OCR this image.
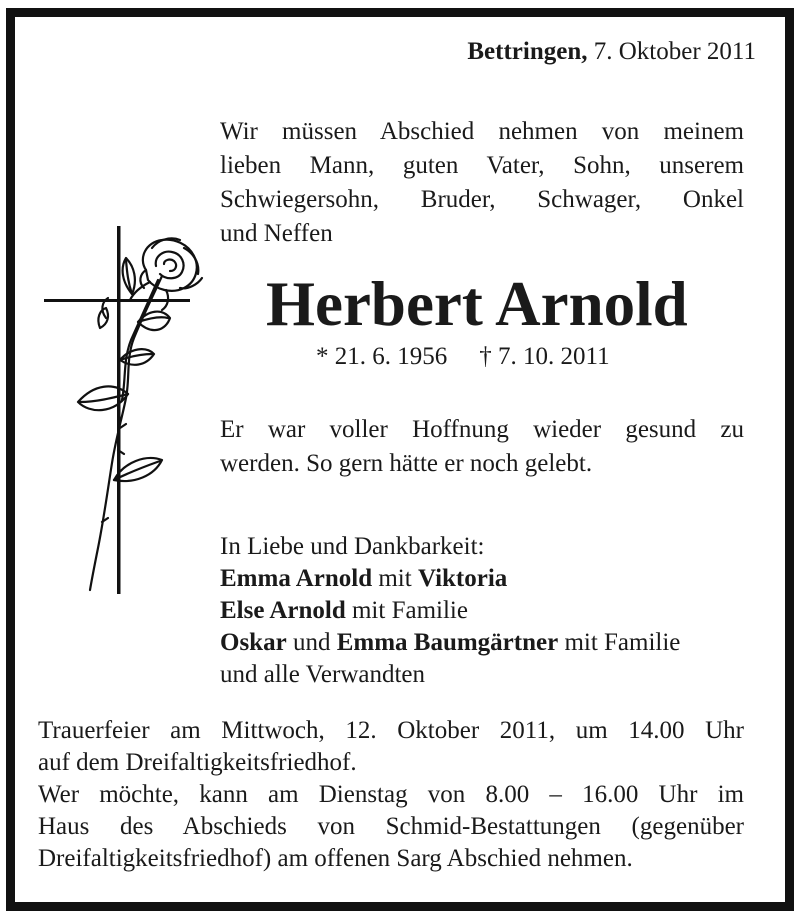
Bettringen, 7. Oktober 2011
Wir müssen Abschied nehmen von meinem
lieben Mann, guten Vater, Sohn, unserem
Schwiegersohn, Bruder, Schwager, Onkel
und Neffen
Herbert Arnold
* 21. 6. 1956 † 7. 10. 2011
Er war voller Hoffnung wieder gesund zu
werden. So gern hätte er noch gelebt.
In Liebe und Dankbarkeit:
Emma Arnold mit Viktoria
Else Arnold mit Familie
Oskar und Emma Baumgärtner mit Familie
und alle Verwandten
Trauerfeier am Mittwoch, 12. Oktober 2011, um 14.00 Uhr
auf dem Dreifaltigkeitsfriedhof.
Wer möchte, kann am Dienstag von 8.00 – 16.00 Uhr im
Haus des Abschieds von Schmid-Bestattungen (gegenüber
Dreifaltigkeitsfriedhof) am offenen Sarg Abschied nehmen.
